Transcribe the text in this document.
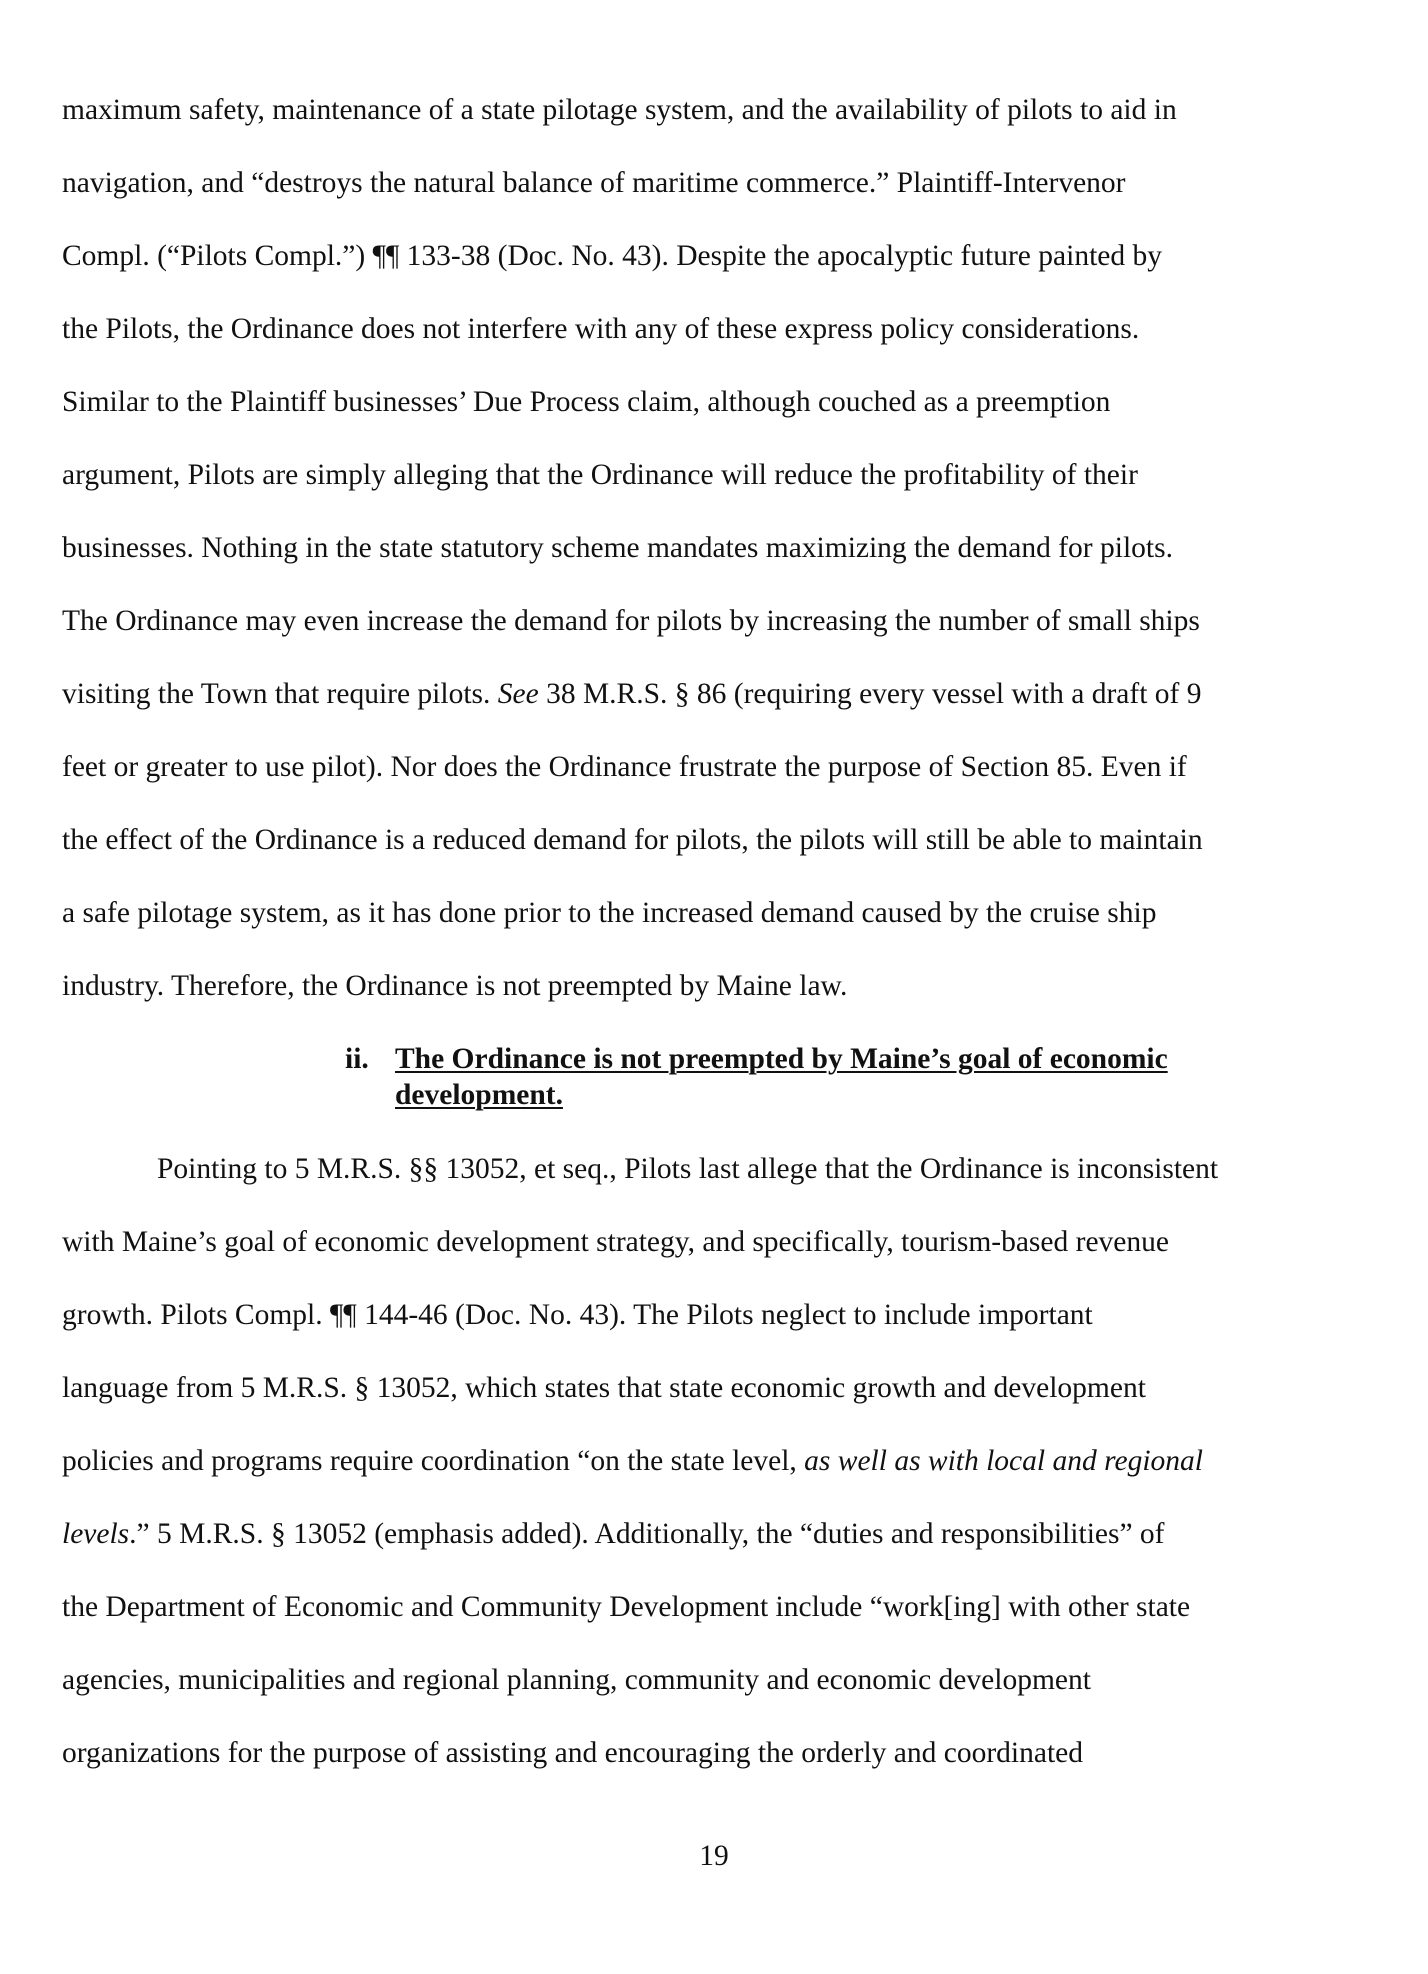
maximum safety, maintenance of a state pilotage system, and the availability of pilots to aid in
navigation, and “destroys the natural balance of maritime commerce.” Plaintiff-Intervenor
Compl. (“Pilots Compl.”) ¶¶ 133-38 (Doc. No. 43). Despite the apocalyptic future painted by
the Pilots, the Ordinance does not interfere with any of these express policy considerations.
Similar to the Plaintiff businesses’ Due Process claim, although couched as a preemption
argument, Pilots are simply alleging that the Ordinance will reduce the profitability of their
businesses. Nothing in the state statutory scheme mandates maximizing the demand for pilots.
The Ordinance may even increase the demand for pilots by increasing the number of small ships
visiting the Town that require pilots. See 38 M.R.S. § 86 (requiring every vessel with a draft of 9
feet or greater to use pilot). Nor does the Ordinance frustrate the purpose of Section 85. Even if
the effect of the Ordinance is a reduced demand for pilots, the pilots will still be able to maintain
a safe pilotage system, as it has done prior to the increased demand caused by the cruise ship
industry. Therefore, the Ordinance is not preempted by Maine law.
ii. The Ordinance is not preempted by Maine’s goal of economic
development.
Pointing to 5 M.R.S. §§ 13052, et seq., Pilots last allege that the Ordinance is inconsistent
with Maine’s goal of economic development strategy, and specifically, tourism-based revenue
growth. Pilots Compl. ¶¶ 144-46 (Doc. No. 43). The Pilots neglect to include important
language from 5 M.R.S. § 13052, which states that state economic growth and development
policies and programs require coordination “on the state level, as well as with local and regional
levels.” 5 M.R.S. § 13052 (emphasis added). Additionally, the “duties and responsibilities” of
the Department of Economic and Community Development include “work[ing] with other state
agencies, municipalities and regional planning, community and economic development
organizations for the purpose of assisting and encouraging the orderly and coordinated
19
